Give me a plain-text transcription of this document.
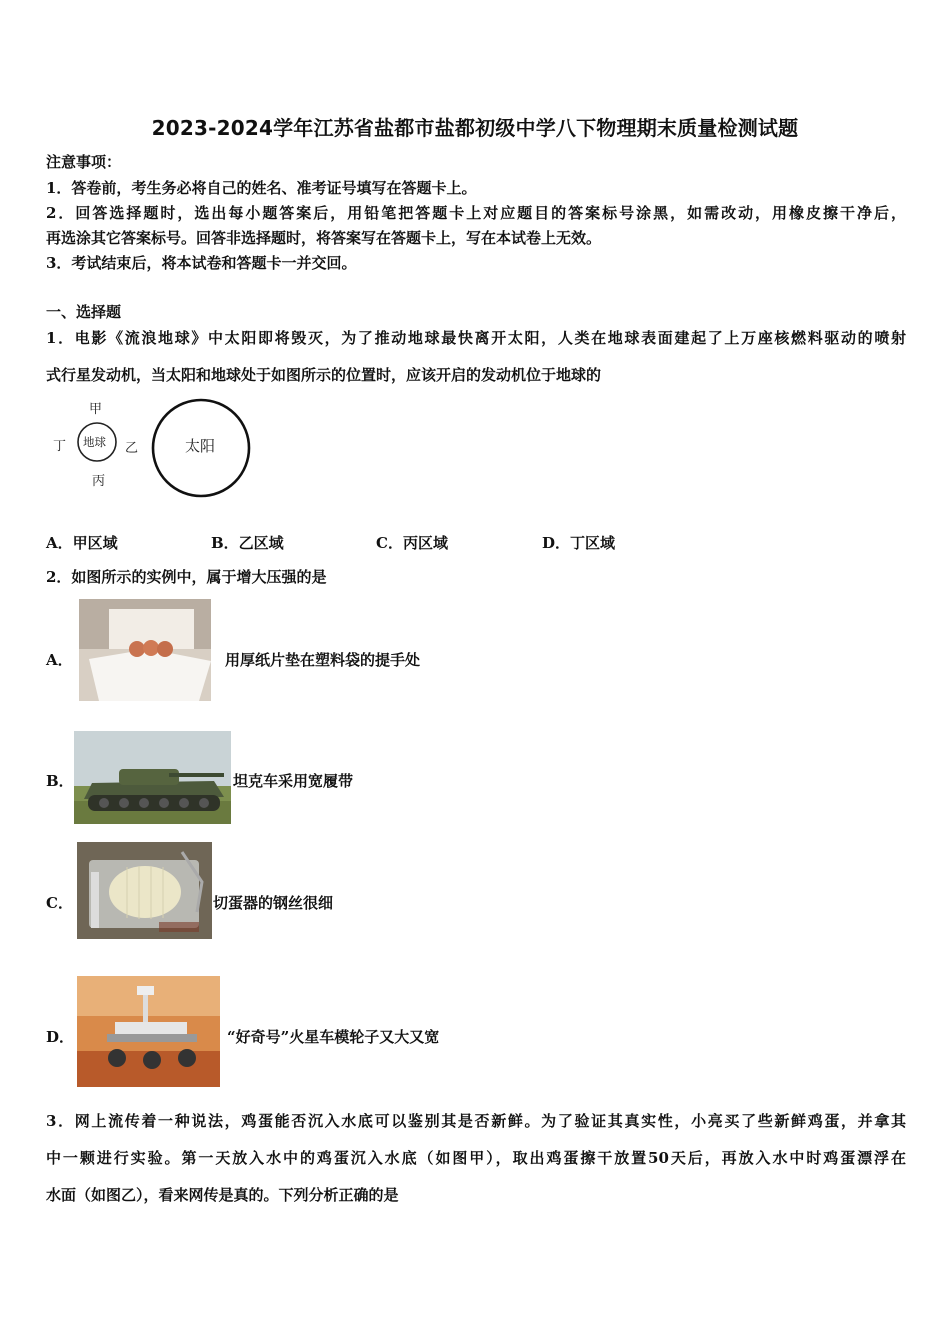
2023-2024学年江苏省盐都市盐都初级中学八下物理期末质量检测试题
注意事项：
1．答卷前，考生务必将自己的姓名、准考证号填写在答题卡上。
2．回答选择题时，选出每小题答案后，用铅笔把答题卡上对应题目的答案标号涂黑，如需改动，用橡皮擦干净后，
再选涂其它答案标号。回答非选择题时，将答案写在答题卡上，写在本试卷上无效。
3．考试结束后，将本试卷和答题卡一并交回。
一、选择题
1．电影《流浪地球》中太阳即将毁灭，为了推动地球最快离开太阳，人类在地球表面建起了上万座核燃料驱动的喷射
式行星发动机，当太阳和地球处于如图所示的位置时，应该开启的发动机位于地球的
甲
丁 地球 乙
丙
太阳
A．甲区域	B．乙区域	C．丙区域	D．丁区域
2．如图所示的实例中，属于增大压强的是
A．	用厚纸片垫在塑料袋的提手处
B．	坦克车采用宽履带
C．	切蛋器的钢丝很细
D．	“好奇号”火星车模轮子又大又宽
3．网上流传着一种说法，鸡蛋能否沉入水底可以鉴别其是否新鲜。为了验证其真实性，小亮买了些新鲜鸡蛋，并拿其
中一颗进行实验。第一天放入水中的鸡蛋沉入水底（如图甲），取出鸡蛋擦干放置50天后，再放入水中时鸡蛋漂浮在
水面（如图乙），看来网传是真的。下列分析正确的是
